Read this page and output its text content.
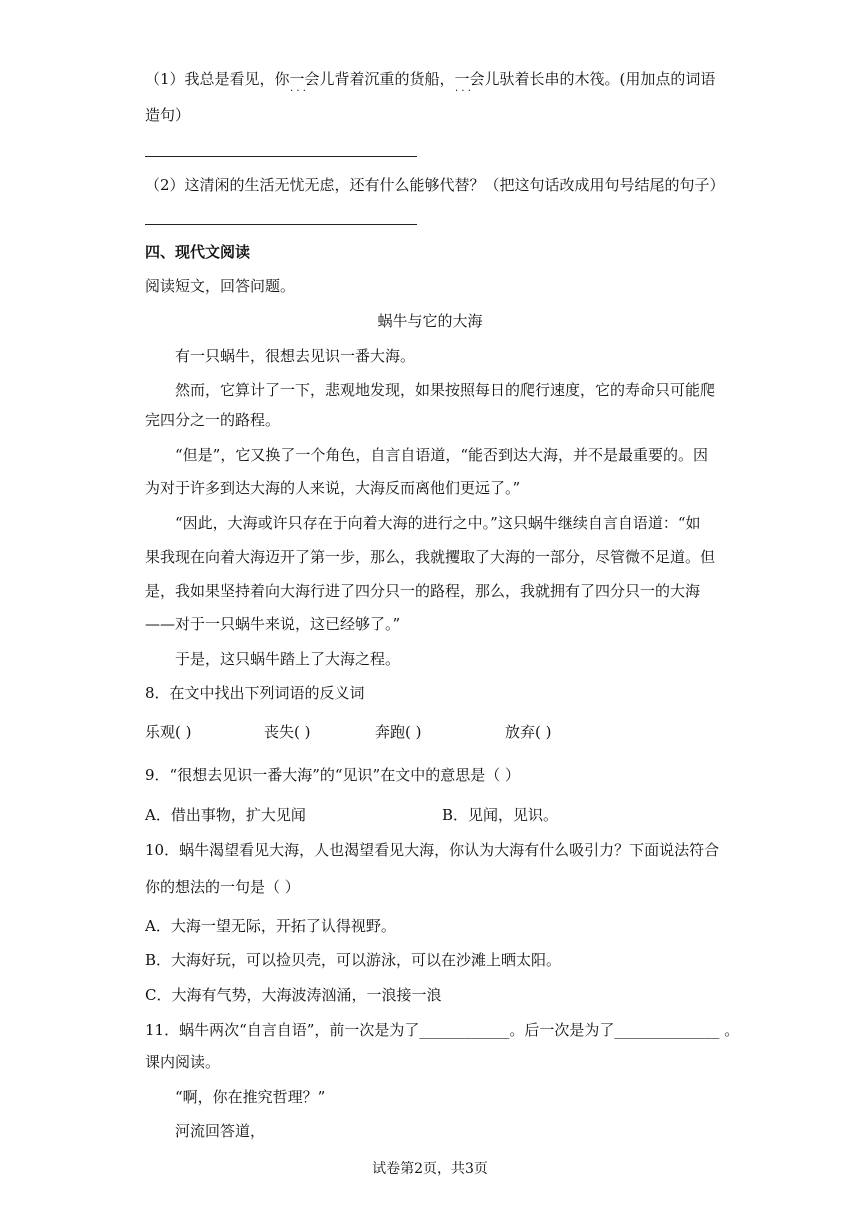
（1）我总是看见，你一会儿背着沉重的货船，一会儿驮着长串的木筏。(用加点的词语
· · ·	· · ·
造句）
（2）这清闲的生活无忧无虑，还有什么能够代替？（把这句话改成用句号结尾的句子）
四、现代文阅读
阅读短文，回答问题。
蜗牛与它的大海
有一只蜗牛，很想去见识一番大海。
然而，它算计了一下，悲观地发现，如果按照每日的爬行速度，它的寿命只可能爬
完四分之一的路程。
“但是”，它又换了一个角色，自言自语道，“能否到达大海，并不是最重要的。因
为对于许多到达大海的人来说，大海反而离他们更远了。”
“因此，大海或许只存在于向着大海的进行之中。”这只蜗牛继续自言自语道：“如
果我现在向着大海迈开了第一步，那么，我就攫取了大海的一部分，尽管微不足道。但
是，我如果坚持着向大海行进了四分只一的路程，那么，我就拥有了四分只一的大海
——对于一只蜗牛来说，这已经够了。”
于是，这只蜗牛踏上了大海之程。
8．在文中找出下列词语的反义词
乐观( )	丧失( )	奔跑( )	放弃( )
9．“很想去见识一番大海”的“见识”在文中的意思是（ ）
A．借出事物，扩大见闻	B．见闻，见识。
10．蜗牛渴望看见大海，人也渴望看见大海，你认为大海有什么吸引力？下面说法符合
你的想法的一句是（ ）
A．大海一望无际，开拓了认得视野。
B．大海好玩，可以捡贝壳，可以游泳，可以在沙滩上晒太阳。
C．大海有气势，大海波涛汹涌，一浪接一浪
11．蜗牛两次“自言自语”，前一次是为了____________。后一次是为了______________ 。
课内阅读。
“啊，你在推究哲理？”
河流回答道，
试卷第2页，共3页
